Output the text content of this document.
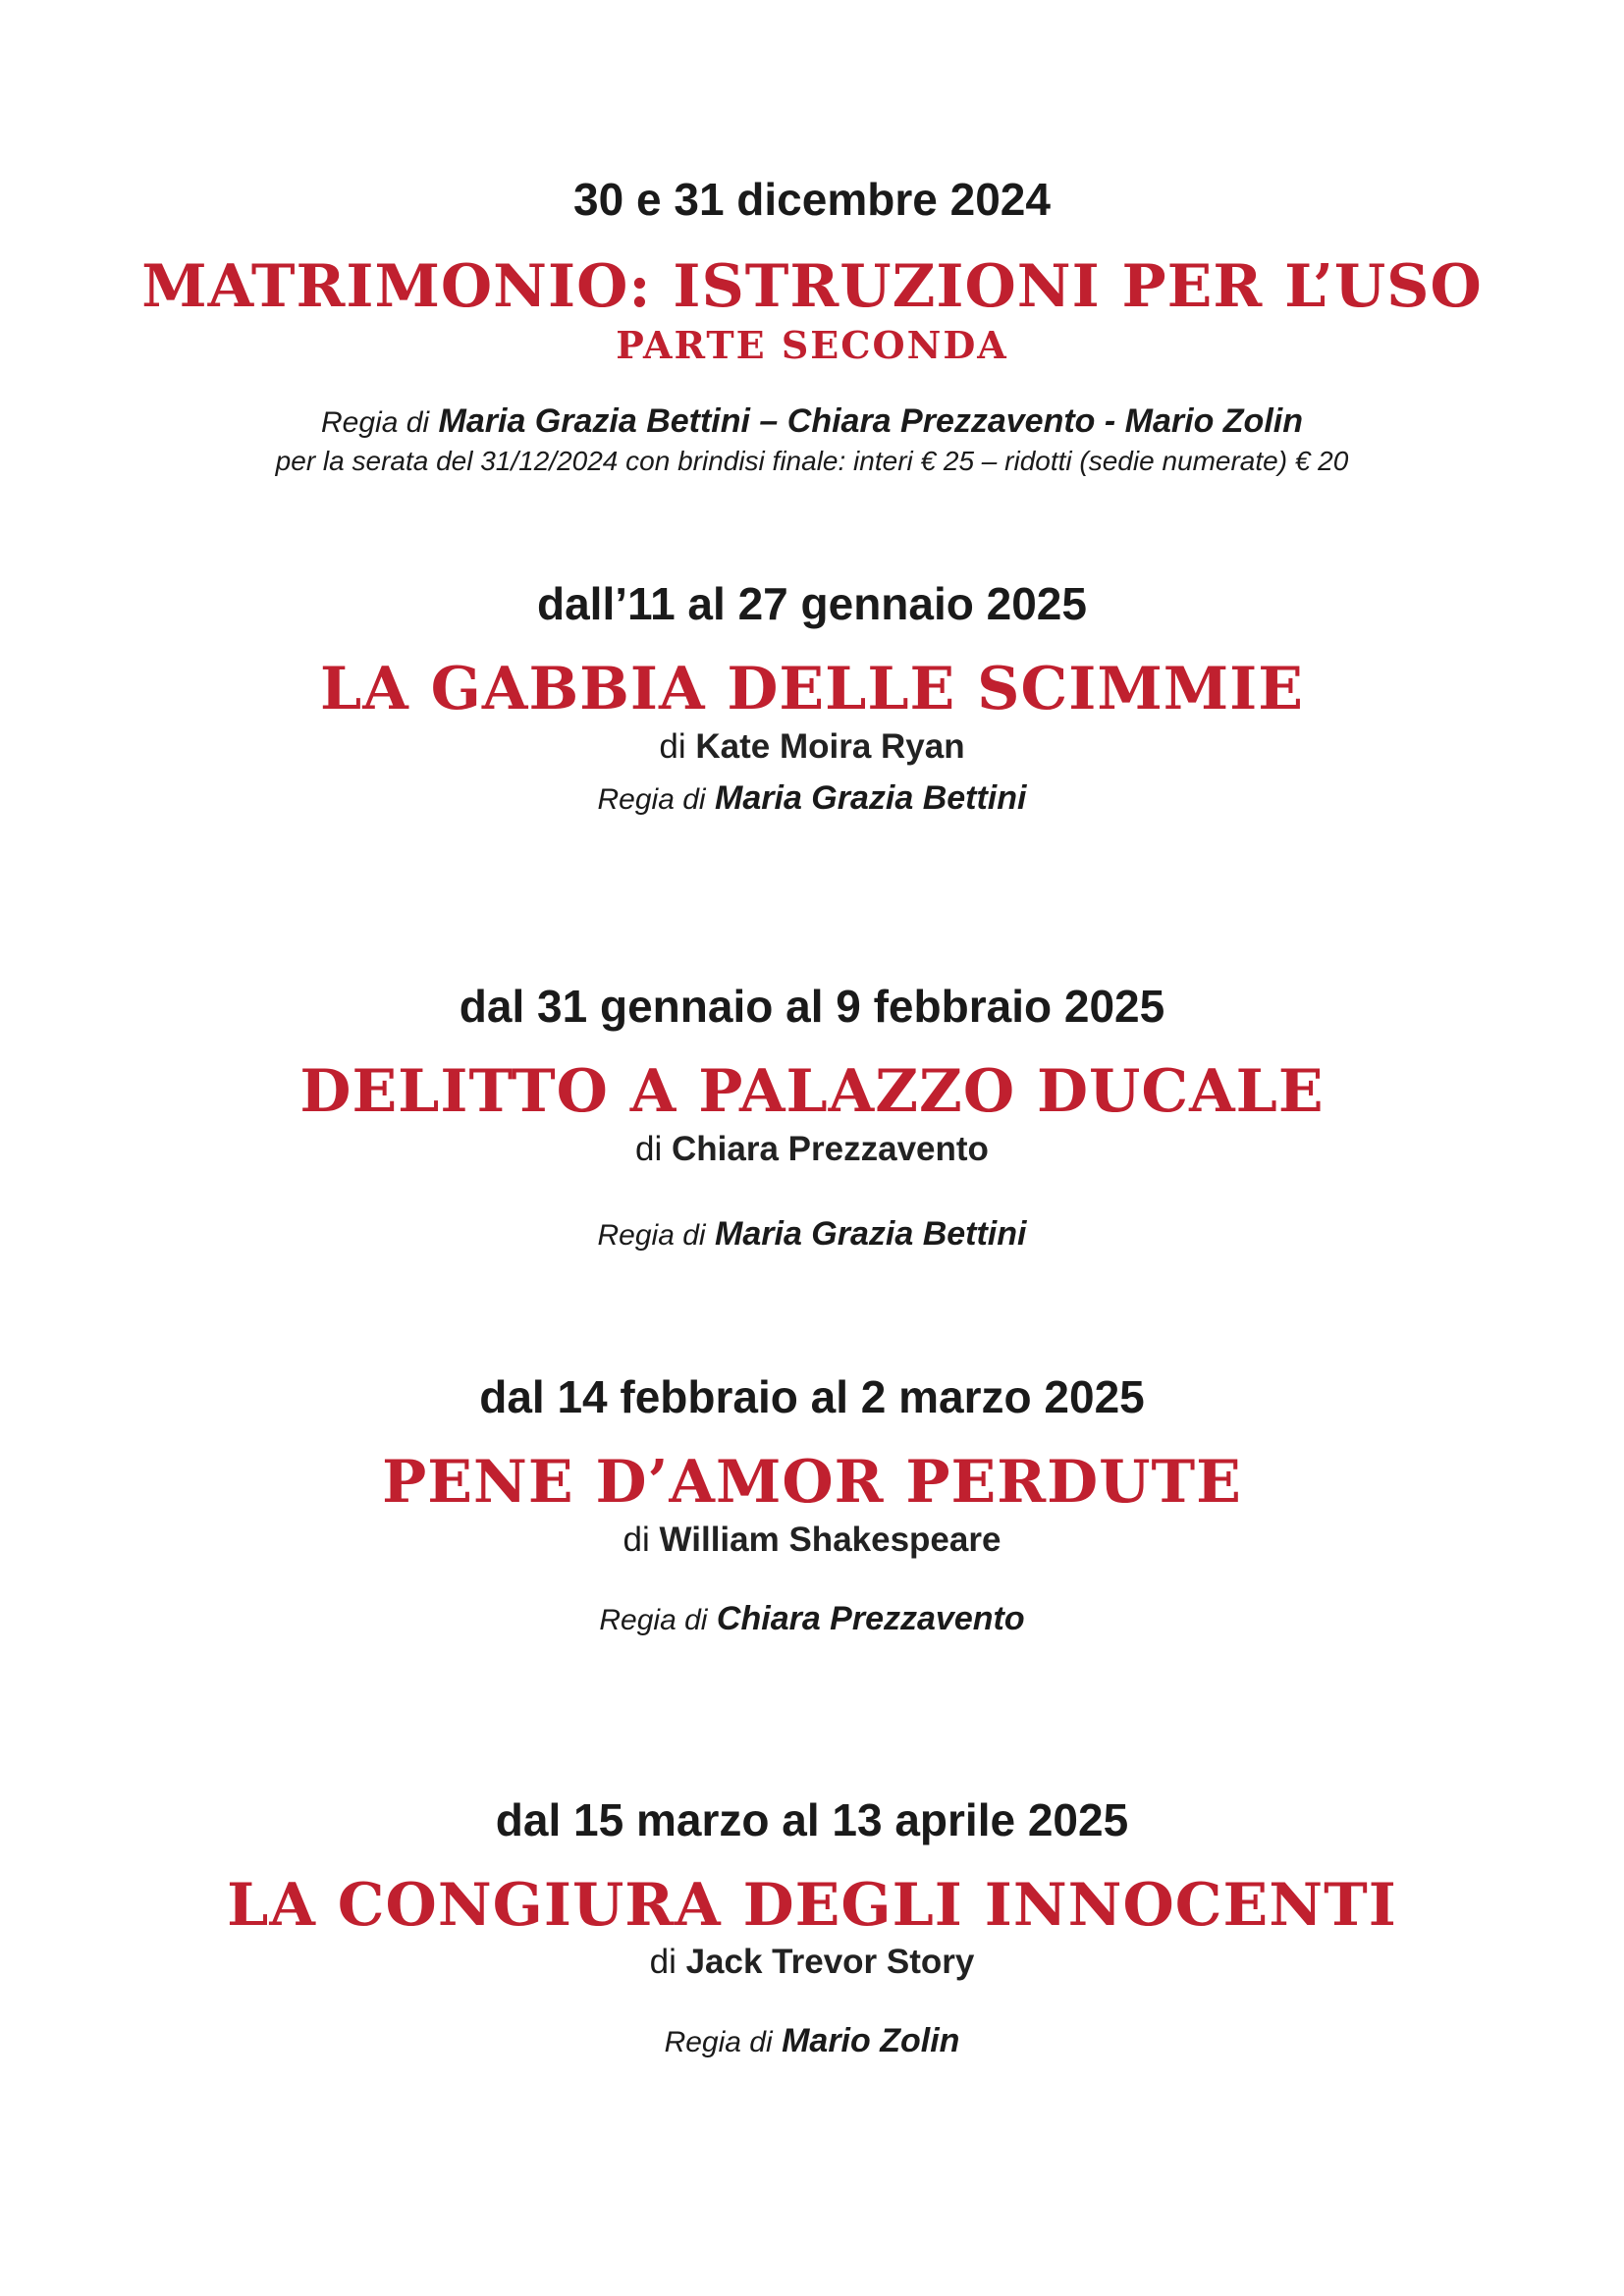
30 e 31 dicembre 2024
MATRIMONIO: ISTRUZIONI PER L’USO
PARTE SECONDA
Regia di Maria Grazia Bettini – Chiara Prezzavento - Mario Zolin
per la serata del 31/12/2024 con brindisi finale: interi € 25 – ridotti (sedie numerate) € 20
dall’11 al 27 gennaio 2025
LA GABBIA DELLE SCIMMIE
di Kate Moira Ryan
Regia di Maria Grazia Bettini
dal 31 gennaio al 9 febbraio 2025
DELITTO A PALAZZO DUCALE
di Chiara Prezzavento
Regia di Maria Grazia Bettini
dal 14 febbraio al 2 marzo 2025
PENE D’AMOR PERDUTE
di William Shakespeare
Regia di Chiara Prezzavento
dal 15 marzo al 13 aprile 2025
LA CONGIURA DEGLI INNOCENTI
di Jack Trevor Story
Regia di Mario Zolin
